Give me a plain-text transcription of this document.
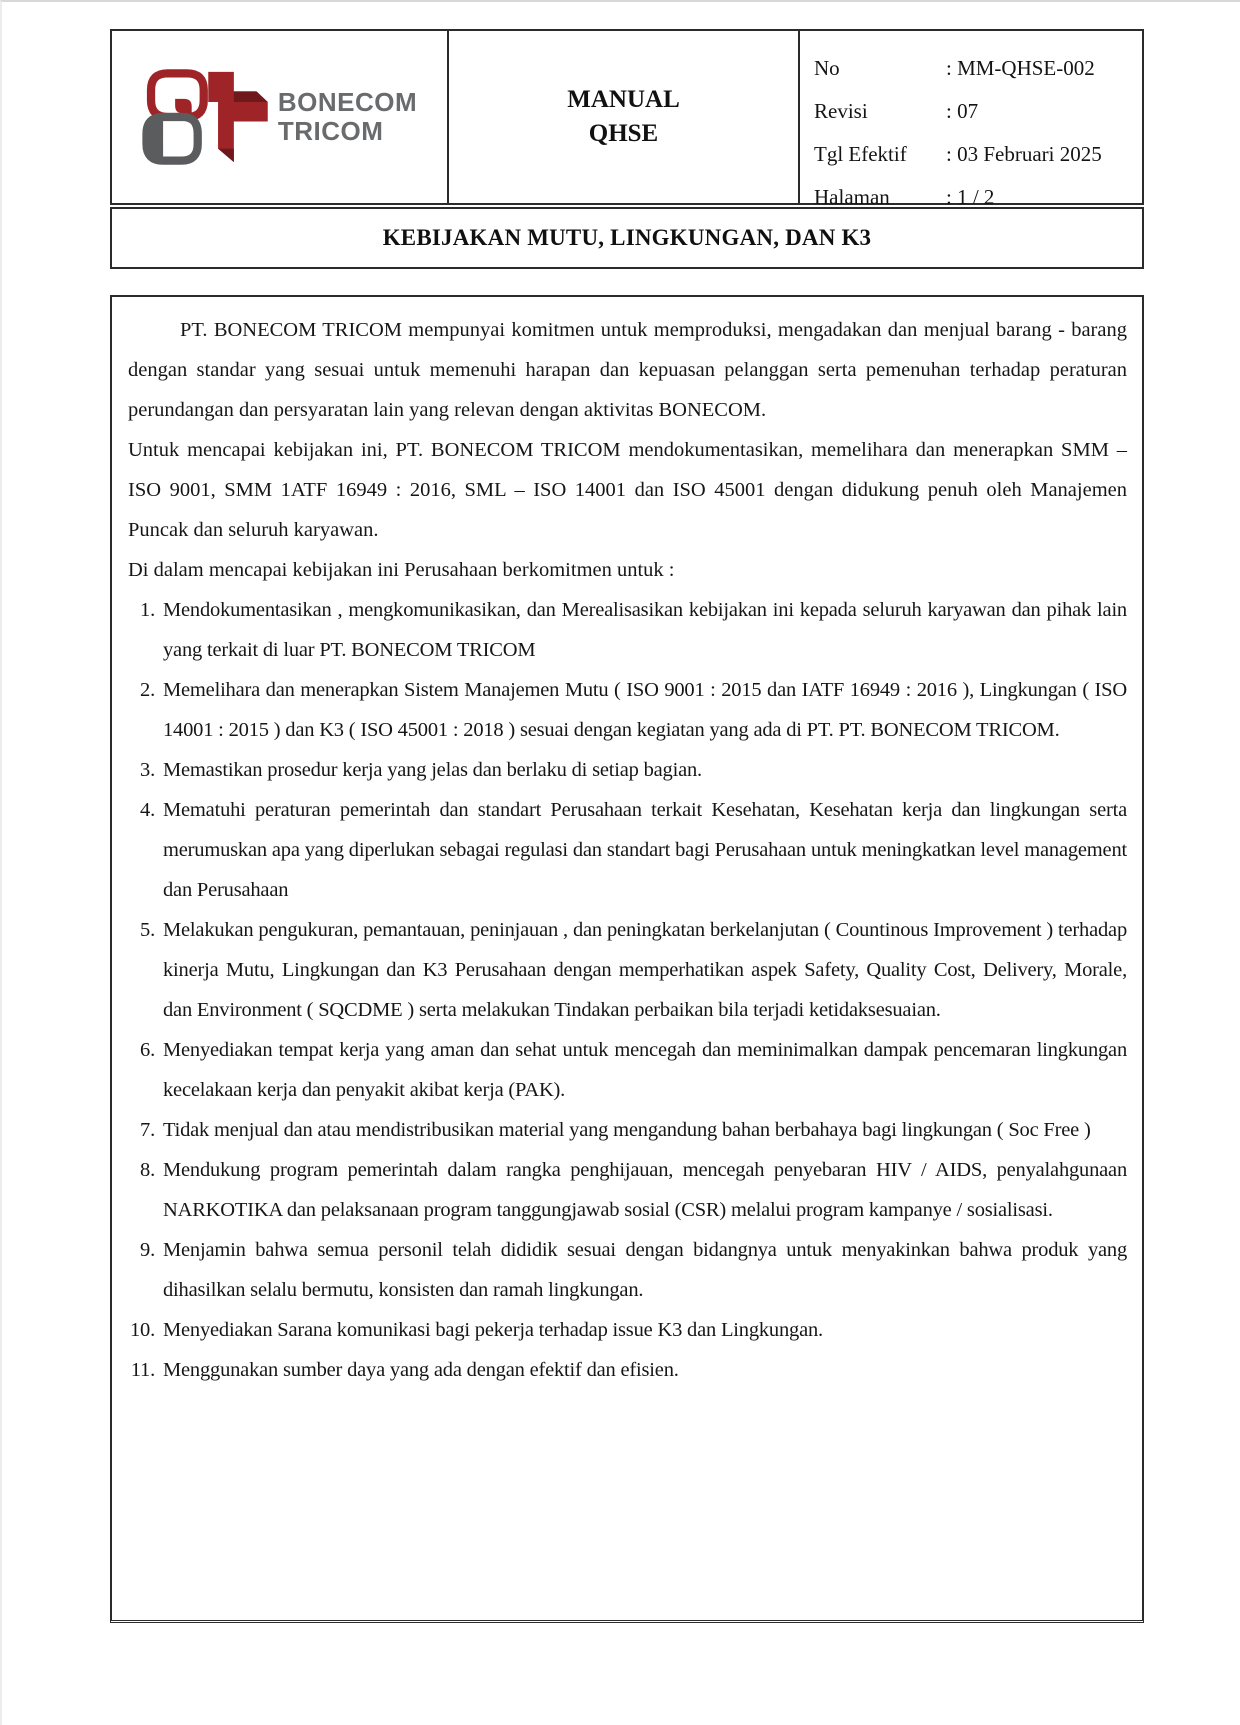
BONECOM
TRICOM
MANUAL
QHSE
No	: MM-QHSE-002
Revisi	: 07
Tgl Efektif	: 03 Februari 2025
Halaman	: 1 / 2
KEBIJAKAN MUTU, LINGKUNGAN, DAN K3

PT. BONECOM TRICOM mempunyai komitmen untuk memproduksi, mengadakan dan menjual barang - barang dengan standar yang sesuai untuk memenuhi harapan dan kepuasan pelanggan serta pemenuhan terhadap peraturan perundangan dan persyaratan lain yang relevan dengan aktivitas BONECOM.

Untuk mencapai kebijakan ini, PT. BONECOM TRICOM mendokumentasikan, memelihara dan menerapkan SMM – ISO 9001, SMM 1ATF 16949 : 2016, SML – ISO 14001 dan ISO 45001 dengan didukung penuh oleh Manajemen Puncak dan seluruh karyawan.

Di dalam mencapai kebijakan ini Perusahaan berkomitmen untuk :

1. Mendokumentasikan , mengkomunikasikan, dan Merealisasikan kebijakan ini kepada seluruh karyawan dan pihak lain yang terkait di luar PT. BONECOM TRICOM
2. Memelihara dan menerapkan Sistem Manajemen Mutu ( ISO 9001 : 2015 dan IATF 16949 : 2016 ), Lingkungan ( ISO 14001 : 2015 ) dan K3 ( ISO 45001 : 2018 ) sesuai dengan kegiatan yang ada di PT. PT. BONECOM TRICOM.
3. Memastikan prosedur kerja yang jelas dan berlaku di setiap bagian.
4. Mematuhi peraturan pemerintah dan standart Perusahaan terkait Kesehatan, Kesehatan kerja dan lingkungan serta merumuskan apa yang diperlukan sebagai regulasi dan standart bagi Perusahaan untuk meningkatkan level management dan Perusahaan
5. Melakukan pengukuran, pemantauan, peninjauan , dan peningkatan berkelanjutan ( Countinous Improvement ) terhadap kinerja Mutu, Lingkungan dan K3 Perusahaan dengan memperhatikan aspek Safety, Quality Cost, Delivery, Morale, dan Environment ( SQCDME ) serta melakukan Tindakan perbaikan bila terjadi ketidaksesuaian.
6. Menyediakan tempat kerja yang aman dan sehat untuk mencegah dan meminimalkan dampak pencemaran lingkungan kecelakaan kerja dan penyakit akibat kerja (PAK).
7. Tidak menjual dan atau mendistribusikan material yang mengandung bahan berbahaya bagi lingkungan ( Soc Free )
8. Mendukung program pemerintah dalam rangka penghijauan, mencegah penyebaran HIV / AIDS, penyalahgunaan NARKOTIKA dan pelaksanaan program tanggungjawab sosial (CSR) melalui program kampanye / sosialisasi.
9. Menjamin bahwa semua personil telah dididik sesuai dengan bidangnya untuk menyakinkan bahwa produk yang dihasilkan selalu bermutu, konsisten dan ramah lingkungan.
10. Menyediakan Sarana komunikasi bagi pekerja terhadap issue K3 dan Lingkungan.
11. Menggunakan sumber daya yang ada dengan efektif dan efisien.
